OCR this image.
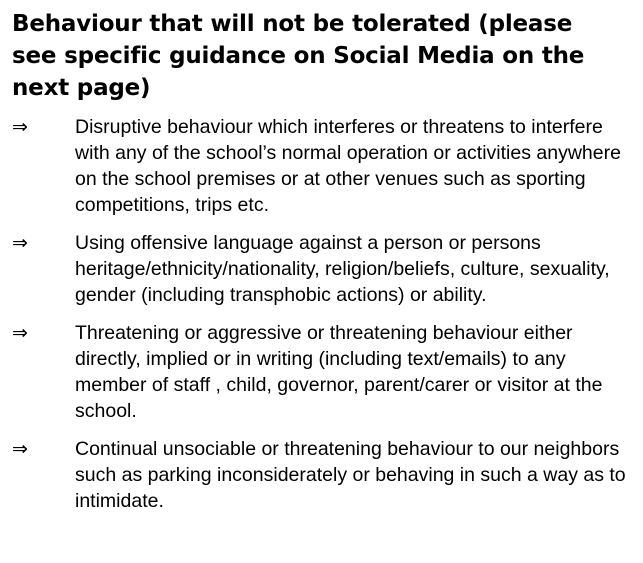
Behaviour that will not be tolerated (please see specific guidance on Social Media on the next page)
⇒ Disruptive behaviour which interferes or threatens to interfere with any of the school’s normal operation or activities anywhere on the school premises or at other venues such as sporting competitions, trips etc.
⇒ Using offensive language against a person or persons heritage/ethnicity/nationality, religion/beliefs, culture, sexuality, gender (including transphobic actions) or ability.
⇒ Threatening or aggressive or threatening behaviour either directly, implied or in writing (including text/emails) to any member of staff , child, governor, parent/carer or visitor at the school.
⇒ Continual unsociable or threatening behaviour to our neighbors such as parking inconsiderately or behaving in such a way as to intimidate.
